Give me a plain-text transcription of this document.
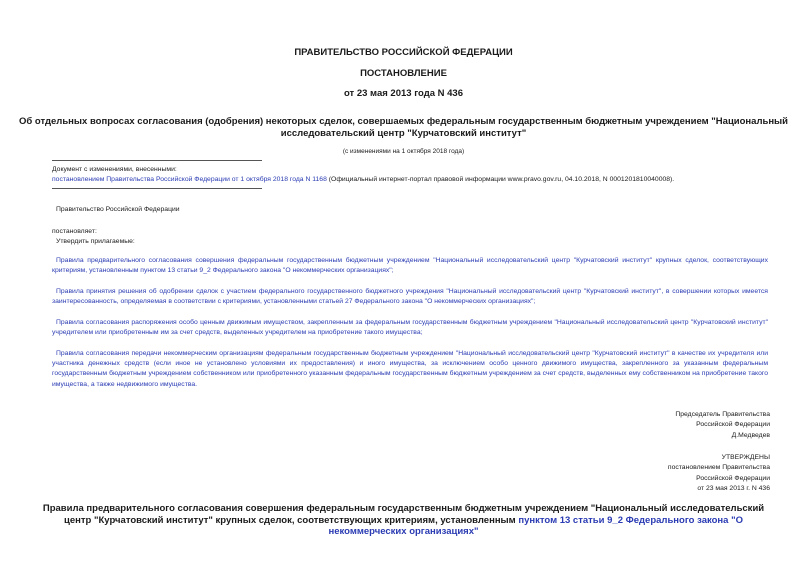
ПРАВИТЕЛЬСТВО РОССИЙСКОЙ ФЕДЕРАЦИИ
ПОСТАНОВЛЕНИЕ
от 23 мая 2013 года N 436
Об отдельных вопросах согласования (одобрения) некоторых сделок, совершаемых федеральным государственным бюджетным учреждением "Национальный
исследовательский центр "Курчатовский институт"
(с изменениями на 1 октября 2018 года)
Документ с изменениями, внесенными:
постановлением Правительства Российской Федерации от 1 октября 2018 года N 1168 (Официальный интернет-портал правовой информации www.pravo.gov.ru, 04.10.2018, N 0001201810040008).
Правительство Российской Федерации
постановляет:
Утвердить прилагаемые:
Правила предварительного согласования совершения федеральным государственным бюджетным учреждением "Национальный исследовательский центр "Курчатовский институт" крупных сделок, соответствующих критериям, установленным пунктом 13 статьи 9_2 Федерального закона "О некоммерческих организациях";
Правила принятия решения об одобрении сделок с участием федерального государственного бюджетного учреждения "Национальный исследовательский центр "Курчатовский институт", в совершении которых имеется заинтересованность, определяемая в соответствии с критериями, установленными статьей 27 Федерального закона "О некоммерческих организациях";
Правила согласования распоряжения особо ценным движимым имуществом, закрепленным за федеральным государственным бюджетным учреждением "Национальный исследовательский центр "Курчатовский институт" учредителем или приобретенным им за счет средств, выделенных учредителем на приобретение такого имущества;
Правила согласования передачи некоммерческим организациям федеральным государственным бюджетным учреждением "Национальный исследовательский центр "Курчатовский институт" в качестве их учредителя или участника денежных средств (если иное не установлено условиями их предоставления) и иного имущества, за исключением особо ценного движимого имущества, закрепленного за указанным федеральным государственным бюджетным учреждением собственником или приобретенного указанным федеральным государственным бюджетным учреждением за счет средств, выделенных ему собственником на приобретение такого имущества, а также недвижимого имущества.
Председатель Правительства
Российской Федерации
Д.Медведев
УТВЕРЖДЕНЫ
постановлением Правительства
Российской Федерации
от 23 мая 2013 г. N 436
Правила предварительного согласования совершения федеральным государственным бюджетным учреждением "Национальный исследовательский центр "Курчатовский институт" крупных сделок, соответствующих критериям, установленным пунктом 13 статьи 9_2 Федерального закона "О некоммерческих организациях"
